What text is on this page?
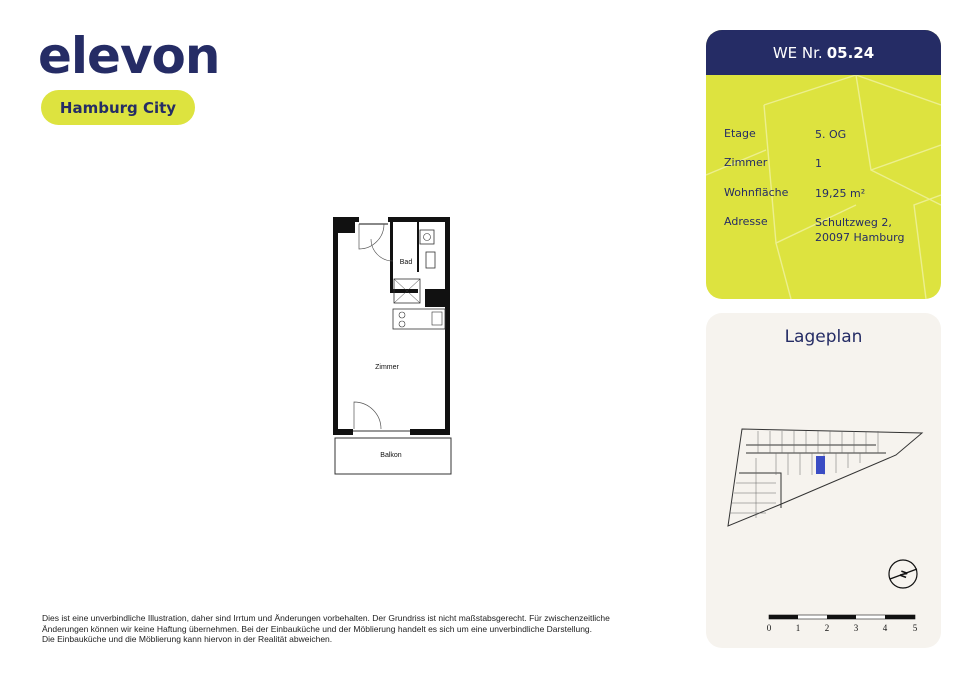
elevon
Hamburg City
Bad
Zimmer
Balkon
WE Nr. 05.24
Etage	5. OG
Zimmer	1
Wohnfläche	19,25 m²
Adresse	Schultzweg 2,
20097 Hamburg
Lageplan
N
0	1	2	3	4	5
Dies ist eine unverbindliche Illustration, daher sind Irrtum und Änderungen vorbehalten. Der Grundriss ist nicht maßstabsgerecht. Für zwischenzeitliche
Änderungen können wir keine Haftung übernehmen. Bei der Einbauküche und der Möblierung handelt es sich um eine unverbindliche Darstellung.
Die Einbauküche und die Möblierung kann hiervon in der Realität abweichen.
